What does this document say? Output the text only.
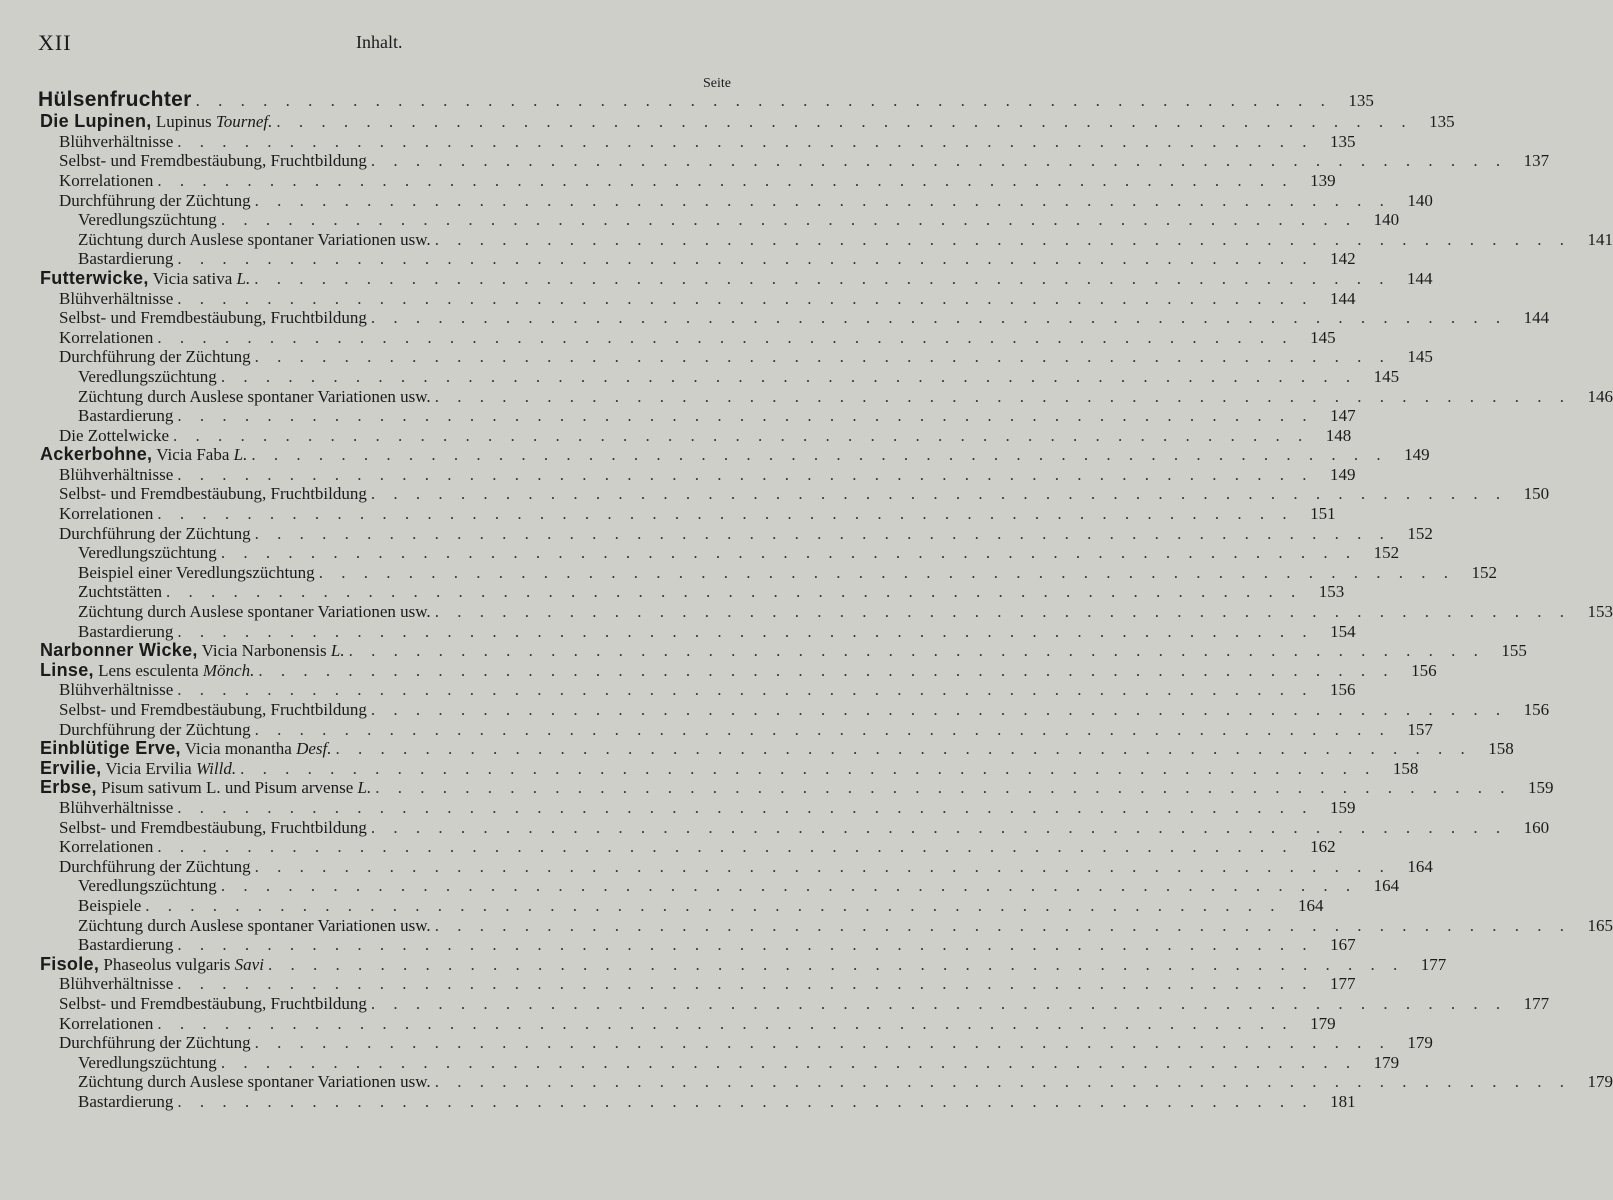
XII	Inhalt.
Seite
Hülsenfruchter . . . . . . . . . . . . . . . . . . . . . . . . . . . . . . . . . . . . . . . . . . . . . . . . . . . 135
Die Lupinen, Lupinus Tournef. . . . . . . . . . . . . . . . . . . . . . . . . . . . . . . . . . . . . . . . . . . . . . . . . . . . 135
Blühverhältnisse . . . . . . . . . . . . . . . . . . . . . . . . . . . . . . . . . . . . . . . . . . . . . . . . . . . 135
Selbst- und Fremdbestäubung, Fruchtbildung . . . . . . . . . . . . . . . . . . . . . . . . . . . . . . . . . . . . . . . . . . . . . . . . . . . 137
Korrelationen . . . . . . . . . . . . . . . . . . . . . . . . . . . . . . . . . . . . . . . . . . . . . . . . . . . 139
Durchführung der Züchtung . . . . . . . . . . . . . . . . . . . . . . . . . . . . . . . . . . . . . . . . . . . . . . . . . . . 140
Veredlungszüchtung . . . . . . . . . . . . . . . . . . . . . . . . . . . . . . . . . . . . . . . . . . . . . . . . . . . 140
Züchtung durch Auslese spontaner Variationen usw. . . . . . . . . . . . . . . . . . . . . . . . . . . . . . . . . . . . . . . . . . . . . . . . . . . . 141
Bastardierung . . . . . . . . . . . . . . . . . . . . . . . . . . . . . . . . . . . . . . . . . . . . . . . . . . . 142
Futterwicke, Vicia sativa L. . . . . . . . . . . . . . . . . . . . . . . . . . . . . . . . . . . . . . . . . . . . . . . . . . . . 144
Blühverhältnisse . . . . . . . . . . . . . . . . . . . . . . . . . . . . . . . . . . . . . . . . . . . . . . . . . . . 144
Selbst- und Fremdbestäubung, Fruchtbildung . . . . . . . . . . . . . . . . . . . . . . . . . . . . . . . . . . . . . . . . . . . . . . . . . . . 144
Korrelationen . . . . . . . . . . . . . . . . . . . . . . . . . . . . . . . . . . . . . . . . . . . . . . . . . . . 145
Durchführung der Züchtung . . . . . . . . . . . . . . . . . . . . . . . . . . . . . . . . . . . . . . . . . . . . . . . . . . . 145
Veredlungszüchtung . . . . . . . . . . . . . . . . . . . . . . . . . . . . . . . . . . . . . . . . . . . . . . . . . . . 145
Züchtung durch Auslese spontaner Variationen usw. . . . . . . . . . . . . . . . . . . . . . . . . . . . . . . . . . . . . . . . . . . . . . . . . . . . 146
Bastardierung . . . . . . . . . . . . . . . . . . . . . . . . . . . . . . . . . . . . . . . . . . . . . . . . . . . 147
Die Zottelwicke . . . . . . . . . . . . . . . . . . . . . . . . . . . . . . . . . . . . . . . . . . . . . . . . . . . 148
Ackerbohne, Vicia Faba L. . . . . . . . . . . . . . . . . . . . . . . . . . . . . . . . . . . . . . . . . . . . . . . . . . . . 149
Blühverhältnisse . . . . . . . . . . . . . . . . . . . . . . . . . . . . . . . . . . . . . . . . . . . . . . . . . . . 149
Selbst- und Fremdbestäubung, Fruchtbildung . . . . . . . . . . . . . . . . . . . . . . . . . . . . . . . . . . . . . . . . . . . . . . . . . . . 150
Korrelationen . . . . . . . . . . . . . . . . . . . . . . . . . . . . . . . . . . . . . . . . . . . . . . . . . . . 151
Durchführung der Züchtung . . . . . . . . . . . . . . . . . . . . . . . . . . . . . . . . . . . . . . . . . . . . . . . . . . . 152
Veredlungszüchtung . . . . . . . . . . . . . . . . . . . . . . . . . . . . . . . . . . . . . . . . . . . . . . . . . . . 152
Beispiel einer Veredlungszüchtung . . . . . . . . . . . . . . . . . . . . . . . . . . . . . . . . . . . . . . . . . . . . . . . . . . . 152
Zuchtstätten . . . . . . . . . . . . . . . . . . . . . . . . . . . . . . . . . . . . . . . . . . . . . . . . . . . 153
Züchtung durch Auslese spontaner Variationen usw. . . . . . . . . . . . . . . . . . . . . . . . . . . . . . . . . . . . . . . . . . . . . . . . . . . . 153
Bastardierung . . . . . . . . . . . . . . . . . . . . . . . . . . . . . . . . . . . . . . . . . . . . . . . . . . . 154
Narbonner Wicke, Vicia Narbonensis L. . . . . . . . . . . . . . . . . . . . . . . . . . . . . . . . . . . . . . . . . . . . . . . . . . . . 155
Linse, Lens esculenta Mönch. . . . . . . . . . . . . . . . . . . . . . . . . . . . . . . . . . . . . . . . . . . . . . . . . . . . 156
Blühverhältnisse . . . . . . . . . . . . . . . . . . . . . . . . . . . . . . . . . . . . . . . . . . . . . . . . . . . 156
Selbst- und Fremdbestäubung, Fruchtbildung . . . . . . . . . . . . . . . . . . . . . . . . . . . . . . . . . . . . . . . . . . . . . . . . . . . 156
Durchführung der Züchtung . . . . . . . . . . . . . . . . . . . . . . . . . . . . . . . . . . . . . . . . . . . . . . . . . . . 157
Einblütige Erve, Vicia monantha Desf. . . . . . . . . . . . . . . . . . . . . . . . . . . . . . . . . . . . . . . . . . . . . . . . . . . . 158
Ervilie, Vicia Ervilia Willd. . . . . . . . . . . . . . . . . . . . . . . . . . . . . . . . . . . . . . . . . . . . . . . . . . . . 158
Erbse, Pisum sativum L. und Pisum arvense L. . . . . . . . . . . . . . . . . . . . . . . . . . . . . . . . . . . . . . . . . . . . . . . . . . . . 159
Blühverhältnisse . . . . . . . . . . . . . . . . . . . . . . . . . . . . . . . . . . . . . . . . . . . . . . . . . . . 159
Selbst- und Fremdbestäubung, Fruchtbildung . . . . . . . . . . . . . . . . . . . . . . . . . . . . . . . . . . . . . . . . . . . . . . . . . . . 160
Korrelationen . . . . . . . . . . . . . . . . . . . . . . . . . . . . . . . . . . . . . . . . . . . . . . . . . . . 162
Durchführung der Züchtung . . . . . . . . . . . . . . . . . . . . . . . . . . . . . . . . . . . . . . . . . . . . . . . . . . . 164
Veredlungszüchtung . . . . . . . . . . . . . . . . . . . . . . . . . . . . . . . . . . . . . . . . . . . . . . . . . . . 164
Beispiele . . . . . . . . . . . . . . . . . . . . . . . . . . . . . . . . . . . . . . . . . . . . . . . . . . . 164
Züchtung durch Auslese spontaner Variationen usw. . . . . . . . . . . . . . . . . . . . . . . . . . . . . . . . . . . . . . . . . . . . . . . . . . . . 165
Bastardierung . . . . . . . . . . . . . . . . . . . . . . . . . . . . . . . . . . . . . . . . . . . . . . . . . . . 167
Fisole, Phaseolus vulgaris Savi . . . . . . . . . . . . . . . . . . . . . . . . . . . . . . . . . . . . . . . . . . . . . . . . . . . 177
Blühverhältnisse . . . . . . . . . . . . . . . . . . . . . . . . . . . . . . . . . . . . . . . . . . . . . . . . . . . 177
Selbst- und Fremdbestäubung, Fruchtbildung . . . . . . . . . . . . . . . . . . . . . . . . . . . . . . . . . . . . . . . . . . . . . . . . . . . 177
Korrelationen . . . . . . . . . . . . . . . . . . . . . . . . . . . . . . . . . . . . . . . . . . . . . . . . . . . 179
Durchführung der Züchtung . . . . . . . . . . . . . . . . . . . . . . . . . . . . . . . . . . . . . . . . . . . . . . . . . . . 179
Veredlungszüchtung . . . . . . . . . . . . . . . . . . . . . . . . . . . . . . . . . . . . . . . . . . . . . . . . . . . 179
Züchtung durch Auslese spontaner Variationen usw. . . . . . . . . . . . . . . . . . . . . . . . . . . . . . . . . . . . . . . . . . . . . . . . . . . . 179
Bastardierung . . . . . . . . . . . . . . . . . . . . . . . . . . . . . . . . . . . . . . . . . . . . . . . . . . . 181
